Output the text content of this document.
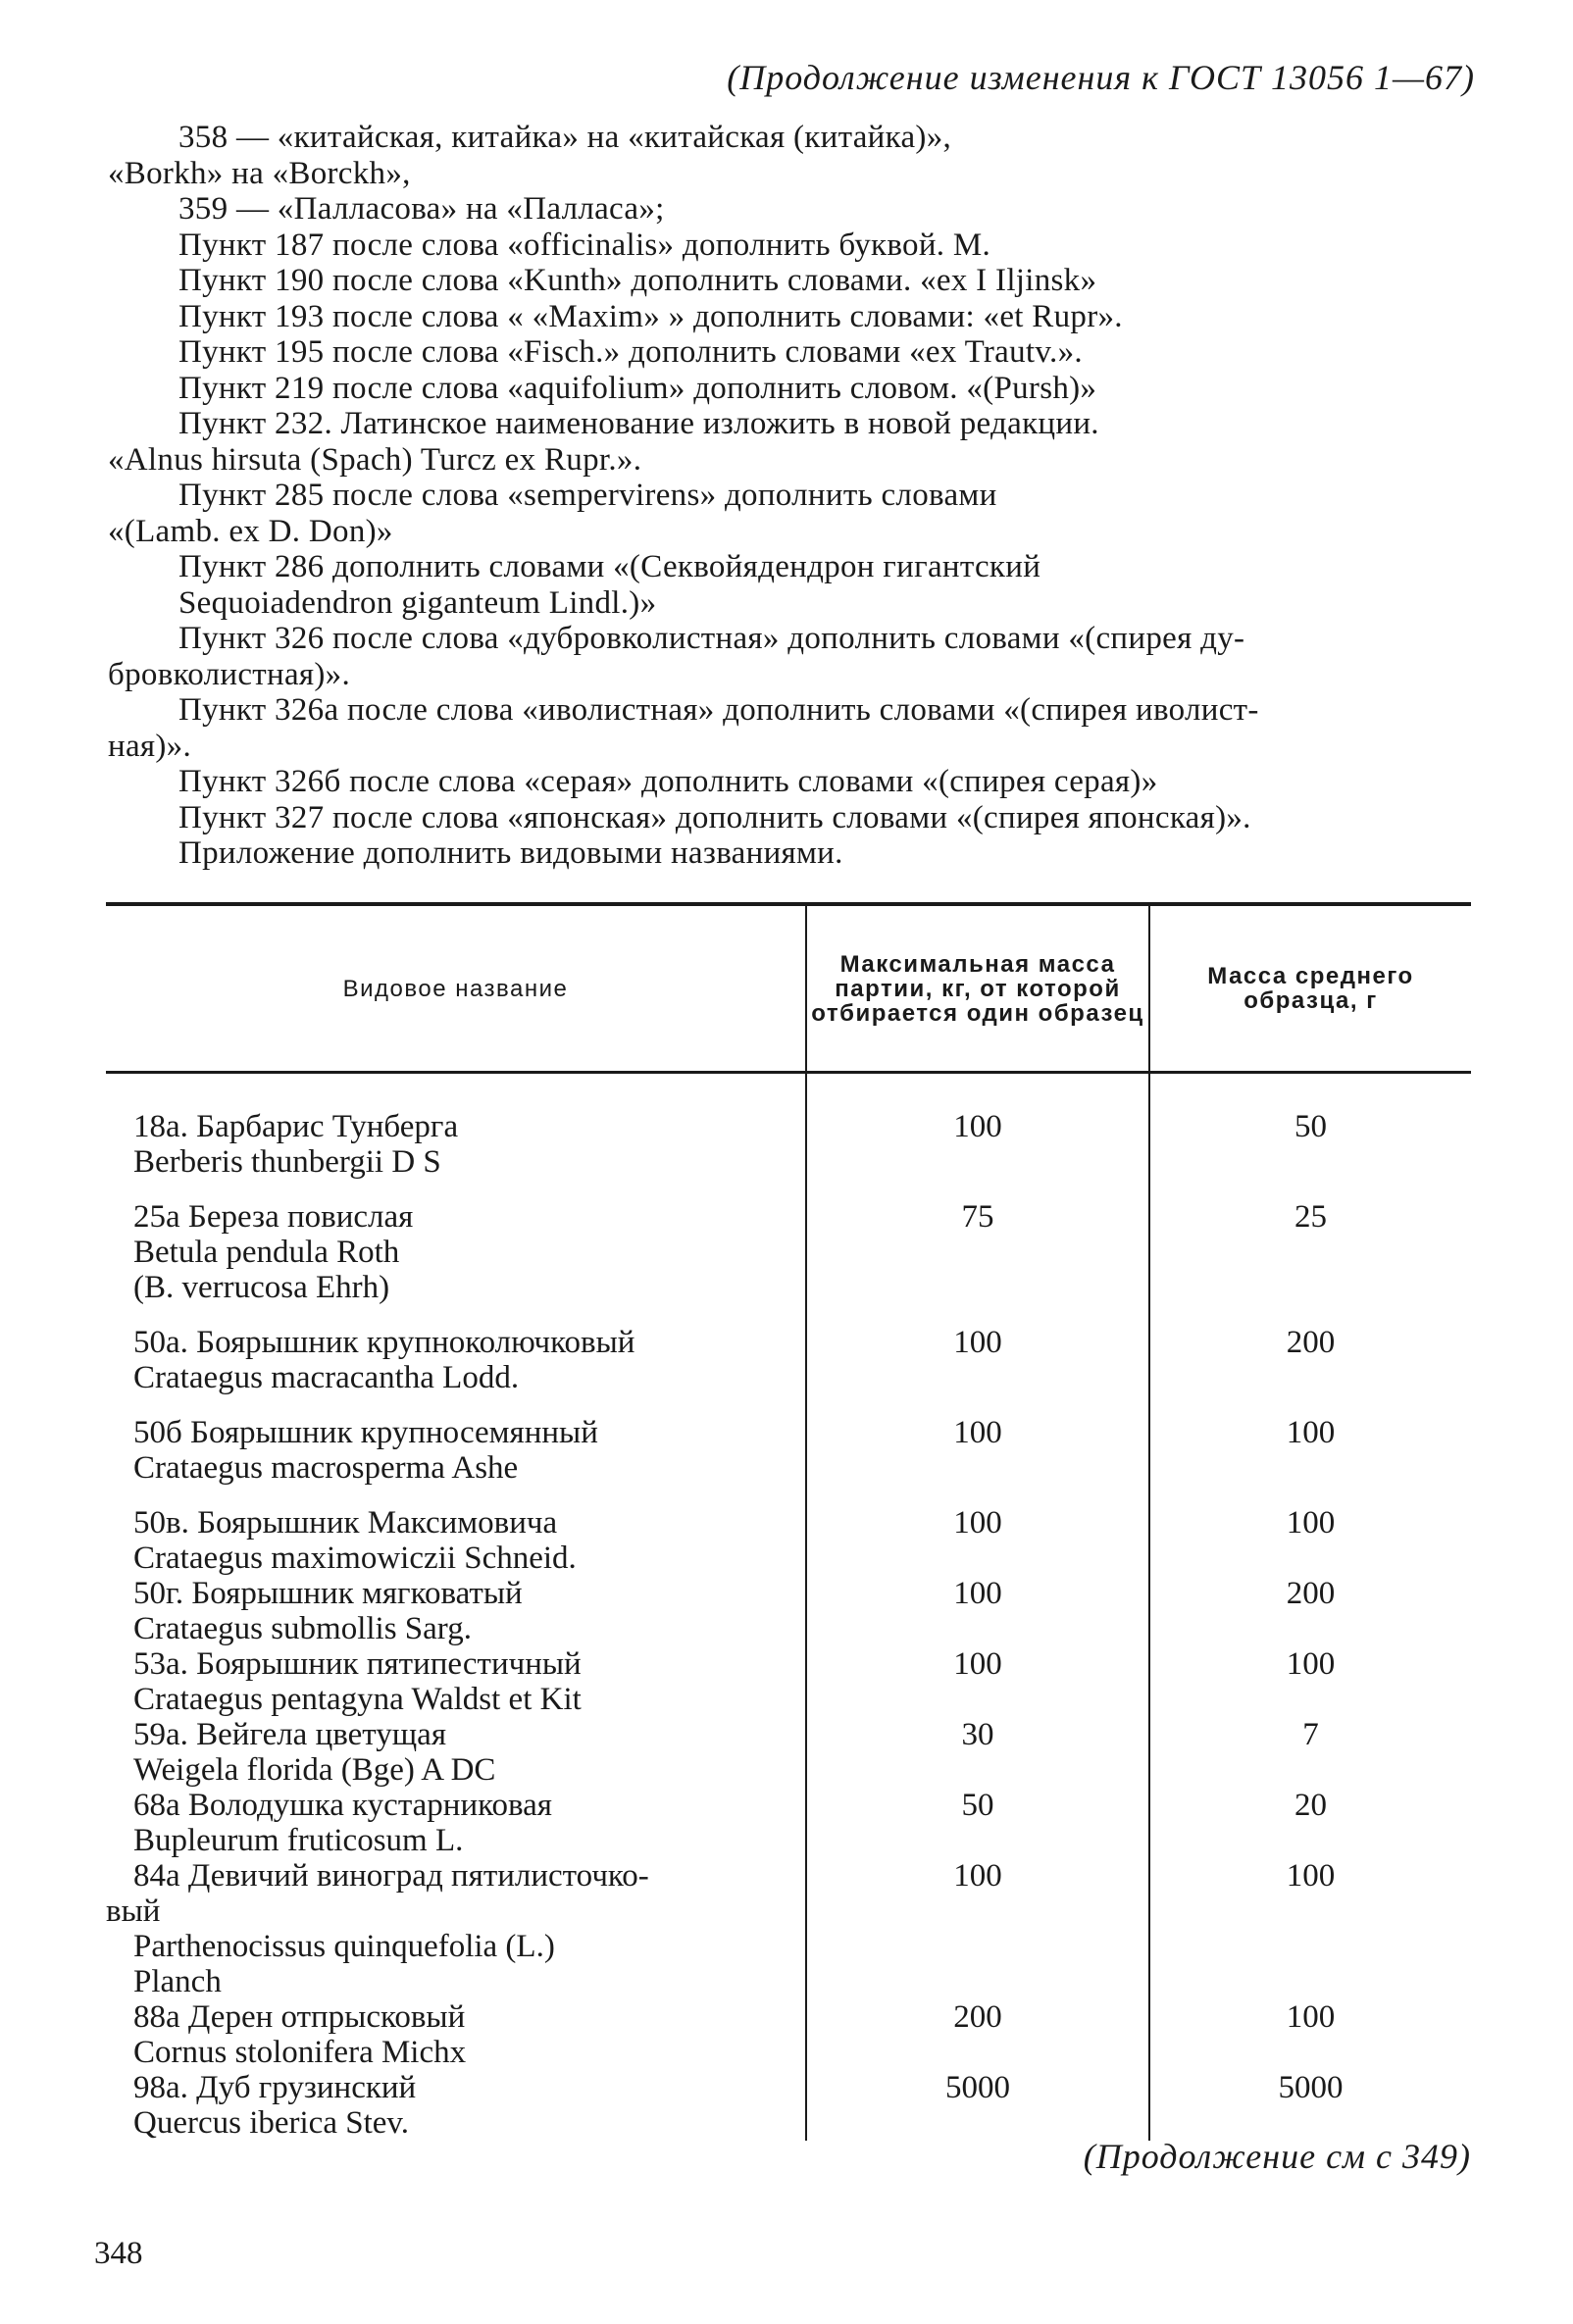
(Продолжение изменения к ГОСТ 13056 1—67)
358 — «китайская, китайка» на «китайская (китайка)»,
«Borkh» на «Borckh»,
359 — «Палласова» на «Палласа»;
Пункт 187 после слова «officinalis» дополнить буквой. М.
Пункт 190 после слова «Kunth» дополнить словами. «ex I Iljinsk»
Пункт 193 после слова « «Maxim» » дополнить словами: «et Rupr».
Пункт 195 после слова «Fisch.» дополнить словами «ex Trautv.».
Пункт 219 после слова «aquifolium» дополнить словом. «(Pursh)»
Пункт 232. Латинское наименование изложить в новой редакции.
«Alnus hirsuta (Spach) Turcz ex Rupr.».
Пункт 285 после слова «sempervirens» дополнить словами
«(Lamb. ex D. Don)»
Пункт 286 дополнить словами «(Секвойядендрон гигантский
Sequoiadendron giganteum Lindl.)»
Пункт 326 после слова «дубровколистная» дополнить словами «(спирея ду-
бровколистная)».
Пункт 326а после слова «иволистная» дополнить словами «(спирея иволист-
ная)».
Пункт 326б после слова «серая» дополнить словами «(спирея серая)»
Пункт 327 после слова «японская» дополнить словами «(спирея японская)».
Приложение дополнить видовыми названиями.
Видовое название	Максимальная масса партии, кг, от которой отбирается один образец	Масса среднего образца, г

18а. Барбарис Тунберга
Berberis thunbergii D S	100	50

25а Береза повислая
Betula pendula Roth
(B. verrucosa Ehrh)	75	25

50а. Боярышник крупноколючковый
Crataegus macracantha Lodd.	100	200

50б Боярышник крупносемянный
Crataegus macrosperma Ashe	100	100

50в. Боярышник Максимовича
Crataegus maximowiczii Schneid.	100	100

50г. Боярышник мягковатый
Crataegus submollis Sarg.	100	200

53а. Боярышник пятипестичный
Crataegus pentagyna Waldst et Kit	100	100

59а. Вейгела цветущая
Weigela florida (Bge) A DC	30	7

68а Володушка кустарниковая
Bupleurum fruticosum L.	50	20

84а Девичий виноград пятилисточко-
вый
Parthenocissus quinquefolia (L.)
Planch	100	100

88а Дерен отпрысковый
Cornus stolonifera Michx	200	100

98а. Дуб грузинский
Quercus iberica Stev.	5000	5000
(Продолжение см с 349)
348
